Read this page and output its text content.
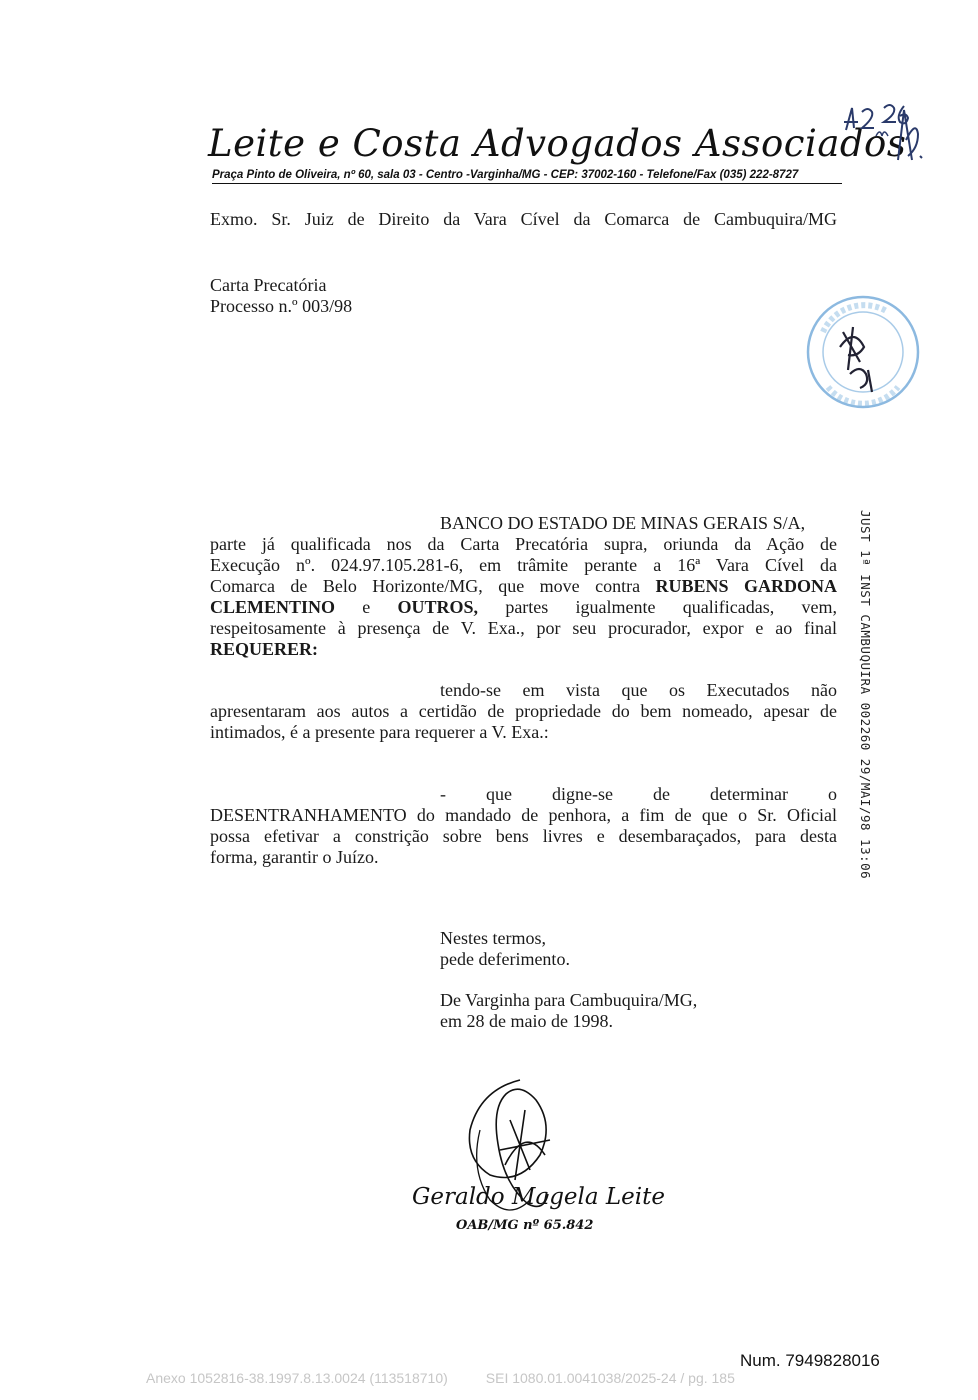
Leite e Costa Advogados Associados
Praça Pinto de Oliveira, nº 60, sala 03 - Centro -Varginha/MG - CEP: 37002-160 - Telefone/Fax (035) 222-8727
Exmo. Sr. Juiz de Direito da Vara Cível da Comarca de Cambuquira/MG
Carta Precatória
Processo n.º 003/98
BANCO DO ESTADO DE MINAS GERAIS S/A,
parte já qualificada nos da Carta Precatória supra, oriunda da Ação de
Execução nº. 024.97.105.281-6, em trâmite perante a 16ª Vara Cível da
Comarca de Belo Horizonte/MG, que move contra RUBENS GARDONA
CLEMENTINO e OUTROS, partes igualmente qualificadas, vem,
respeitosamente à presença de V. Exa., por seu procurador, expor e ao final
REQUERER:
tendo-se em vista que os Executados não
apresentaram aos autos a certidão de propriedade do bem nomeado, apesar de
intimados, é a presente para requerer a V. Exa.:
- que digne-se de determinar o
DESENTRANHAMENTO do mandado de penhora, a fim de que o Sr. Oficial
possa efetivar a constrição sobre bens livres e desembaraçados, para desta
forma, garantir o Juízo.	JUST 1ª INST CAMBUQUIRA 002260 29/MAI/98 13:06
Nestes termos,
pede deferimento.
De Varginha para Cambuquira/MG,
em 28 de maio de 1998.
Geraldo Magela Leite
OAB/MG nº 65.842
Num. 7949828016
Anexo 1052816-38.1997.8.13.0024 (113518710)	SEI 1080.01.0041038/2025-24 / pg. 185
